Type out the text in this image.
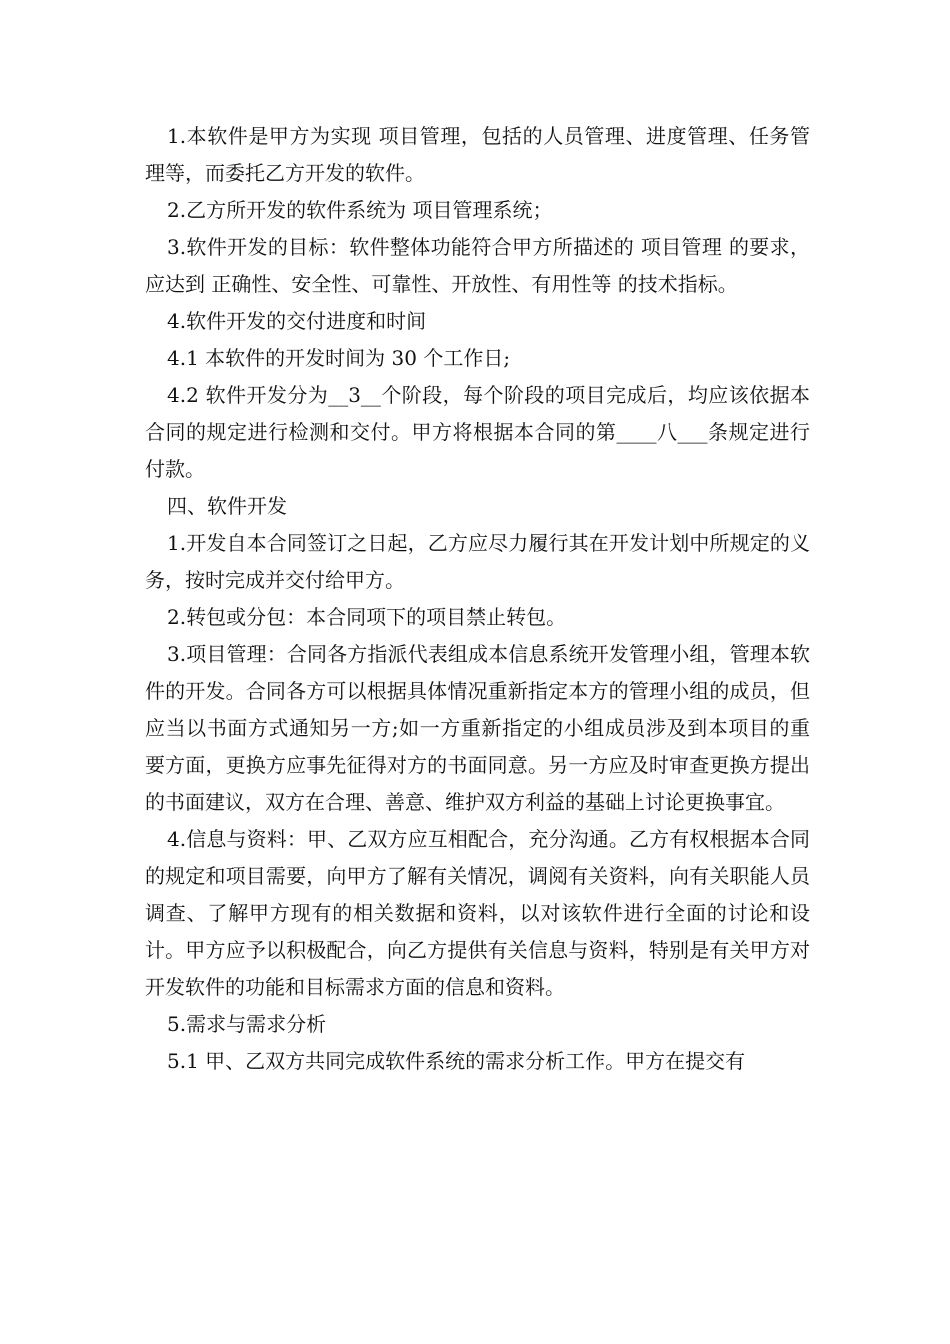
1.本软件是甲方为实现 项目管理，包括的人员管理、进度管理、任务管理等，而委托乙方开发的软件。

2.乙方所开发的软件系统为 项目管理系统；

3.软件开发的目标：软件整体功能符合甲方所描述的 项目管理 的要求，应达到 正确性、安全性、可靠性、开放性、有用性等 的技术指标。

4.软件开发的交付进度和时间

4.1 本软件的开发时间为 30 个工作日;

4.2 软件开发分为__3__个阶段，每个阶段的项目完成后，均应该依据本合同的规定进行检测和交付。甲方将根据本合同的第____八___条规定进行付款。

四、软件开发

1.开发自本合同签订之日起，乙方应尽力履行其在开发计划中所规定的义务，按时完成并交付给甲方。

2.转包或分包：本合同项下的项目禁止转包。

3.项目管理：合同各方指派代表组成本信息系统开发管理小组，管理本软件的开发。合同各方可以根据具体情况重新指定本方的管理小组的成员，但应当以书面方式通知另一方;如一方重新指定的小组成员涉及到本项目的重要方面，更换方应事先征得对方的书面同意。另一方应及时审查更换方提出的书面建议，双方在合理、善意、维护双方利益的基础上讨论更换事宜。

4.信息与资料：甲、乙双方应互相配合，充分沟通。乙方有权根据本合同的规定和项目需要，向甲方了解有关情况，调阅有关资料，向有关职能人员调查、了解甲方现有的相关数据和资料，以对该软件进行全面的讨论和设计。甲方应予以积极配合，向乙方提供有关信息与资料，特别是有关甲方对开发软件的功能和目标需求方面的信息和资料。

5.需求与需求分析

5.1 甲、乙双方共同完成软件系统的需求分析工作。甲方在提交有
